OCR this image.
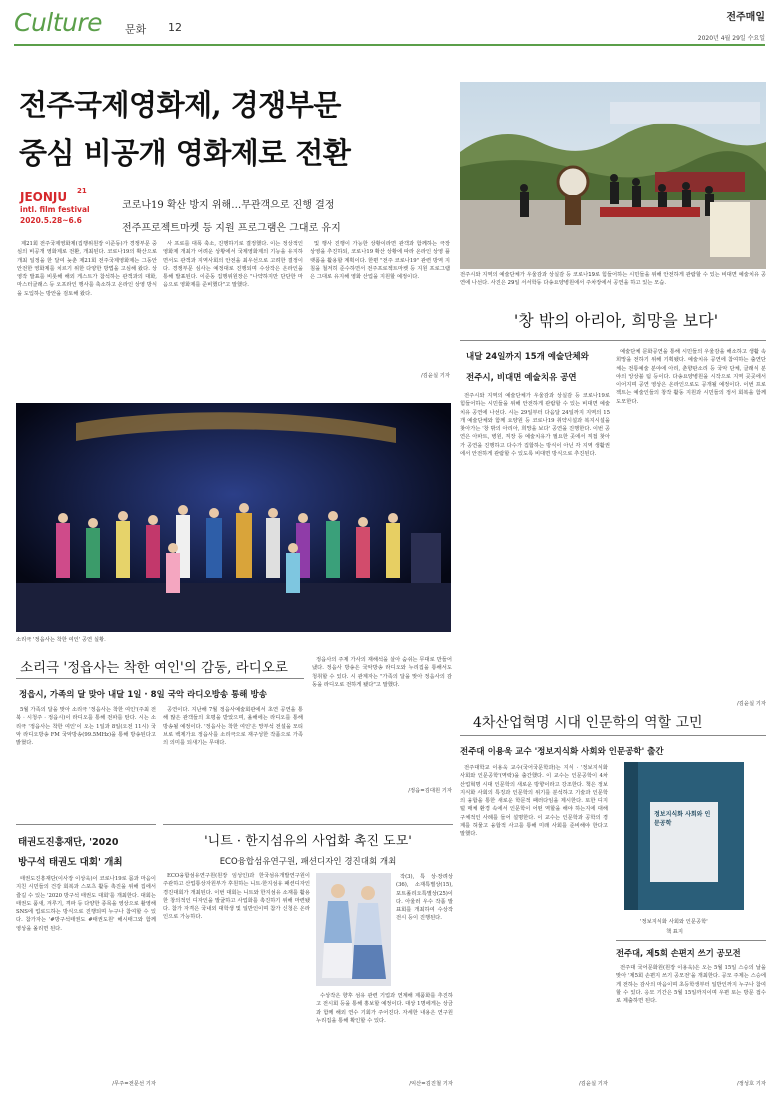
Culture 문화 12
전주매일
2020년 4월 29일 수요일
전주국제영화제, 경쟁부문
중심 비공개 영화제로 전환
JEONJU 21
intl. film festival
2020.5.28~6.6
코로나19 확산 방지 위해…무관객으로 진행 결정
전주프로젝트마켓 등 지원 프로그램은 그대로 유지

제21회 전주국제영화제(집행위원장 이준동)가 경쟁부문 중심의 비공개 영화제로 전환, 개최된다. 코로나19의 확산으로 개최 일정을 한 달여 늦춘 제21회 전주국제영화제는 그동안 안전한 영화제를 치르기 위한 다양한 방법을 고심해 왔다. 상영작 발표를 비롯해 해외 게스트가 참석하는 관객과의 대화, 마스터클래스 등 오프라인 행사를 축소하고 온라인 상영 방식을 도입하는 방안을 검토해 왔다.

사 프로를 대폭 축소, 진행하기로 결정했다. 이는 정상적인 영화제 개최가 어려운 상황에서 국제영화제의 기능을 유지하면서도 관객과 지역사회의 안전을 최우선으로 고려한 결정이다. 경쟁부문 심사는 예정대로 진행되며 수상작은 온라인을 통해 발표된다. 이준동 집행위원장은 "나약하지만 단단한 마음으로 영화제를 준비했다"고 말했다.

및 행사 진행이 가능한 상황이라면 관객과 함께하는 극장 상영을 추진하되, 코로나19 확산 상황에 따라 온라인 상영 플랫폼을 활용할 계획이다. 한편 "전주 코로나19" 관련 방역 지침을 철저히 준수하면서 전주프로젝트마켓 등 지원 프로그램은 그대로 유지해 영화 산업을 지원할 예정이다.

/김윤실 기자
전주시와 지역의 예술단체가 우울감과 상실감 등 코로나19로 힘들어하는 시민들을 위해 안전하게 관람할 수 있는 비대면 예술치유 공연에 나선다. 사진은 29일 서서학동 다송요양병원에서 주차장에서 공연을 하고 있는 모습.
'창 밖의 아리아, 희망을 보다'
내달 24일까지 15개 예술단체와
전주시, 비대면 예술치유 공연

전주시와 지역의 예술단체가 우울감과 상실감 등 코로나19로 힘들어하는 시민들을 위해 안전하게 관람할 수 있는 비대면 예술치유 공연에 나선다. 시는 29일부터 다음달 24일까지 지역의 15개 예술단체와 함께 요양원 등 코로나19 취약시설과 복지시설을 찾아가는 '창 밖의 아리아, 희망을 보다' 공연을 진행한다. 이번 공연은 아파트, 병원, 직장 등 예술치유가 필요한 곳에서 직접 찾아가 공연을 진행하고 다수가 집합하는 방식이 아닌 각 지역 생활권에서 안전하게 관람할 수 있도록 비대면 방식으로 추진된다.

예술단체 문화공연을 통해 시민들의 우울감을 해소하고 생활 속 희망을 전하기 위해 기획됐다. 예술치유 공연에 참여하는 출연단체는 전통예술 분야에 아리, 춘향판소리 등 국악 단체, 클래식 분야의 앙상블 팀 등이다. 다송요양병원을 시작으로 지역 곳곳에서 이어지며 공연 영상은 온라인으로도 공개될 예정이다. 이번 프로젝트는 예술인들의 창작 활동 지원과 시민들의 정서 회복을 함께 도모한다.

/김윤실 기자
소리극 '정읍사는 착한 여인' 공연 실황.
소리극 '정읍사는 착한 여인'의 감동, 라디오로
정읍시, 가족의 달 맞아 내달 1일 · 8일 국악 라디오방송 통해 방송

5월 가족의 달을 맞아 소리극 '정읍사는 착한 여인'(주최 전북 · 시청주 · 정읍시)이 라디오를 통해 전파를 탄다. 시는 소리극 '정읍사는 착한 여인'이 오는 1일과 8일(오전 11시) 국악 라디오방송 FM 국악방송(99.5MHz)을 통해 방송된다고 밝혔다.

공연이다. 지난해 7월 정읍사예술회관에서 초연 공연을 통해 많은 관객들의 호평을 받았으며, 올해에는 라디오를 통해 방송될 예정이다. '정읍사는 착한 여인'은 망부석 전설을 모티브로 백제가요 정읍사를 소리극으로 재구성한 작품으로 가족의 의미를 되새기는 무대다.

정읍사의 주제 가사의 재해석을 살아 숨쉬는 무대로 만들어 냈다. 정읍사 방송은 국악방송 라디오와 누리집을 통해서도 청취할 수 있다. 시 관계자는 "가족의 달을 맞아 정읍사의 감동을 라디오로 전하게 됐다"고 말했다.

/정읍=김대원 기자
태권도진흥재단, '2020
방구석 태권도 대회' 개최

태권도진흥재단(이사장 이상욱)이 코로나19로 몸과 마음이 지친 시민들의 건강 회복과 스포츠 활동 촉진을 위해 집에서 즐길 수 있는 '2020 방구석 태권도 대회'를 개최한다. 대회는 태권도 품새, 겨루기, 격파 등 다양한 종목을 영상으로 촬영해 SNS에 업로드하는 방식으로 진행되며 누구나 참여할 수 있다. 참가자는 '#방구석태권도 #태권도원' 해시태그와 함께 영상을 올리면 된다.

/무주=전문선 기자
'니트 · 한지섬유의 사업화 촉진 도모'
ECO융합섬유연구원, 패션디자인 경진대회 개최

ECO융합섬유연구원(원장 임성인)과 한국섬유개발연구원이 주관하고 산업통상자원부가 후원하는 니트·한지섬유 패션디자인 경진대회가 개최된다. 이번 대회는 니트와 한지섬유 소재를 활용한 창의적인 디자인을 발굴하고 사업화를 촉진하기 위해 마련됐다. 참가 자격은 국내외 대학생 및 일반인이며 참가 신청은 온라인으로 가능하다.

작(3), 특 상·장려상(36), 소재특별상(15), 포트폴리오특별상(25)이다. 아울러 우수 작품 발표회를 개최하여 수상작 전시 등이 진행된다.

수상작은 향후 섬유 관련 기업과 연계해 제품화를 추진하고 전시회 등을 통해 홍보할 예정이다. 대상 1명에게는 상금과 함께 해외 연수 기회가 주어진다. 자세한 내용은 연구원 누리집을 통해 확인할 수 있다.

/익산=김진철 기자
4차산업혁명 시대 인문학의 역할 고민
전주대 이용욱 교수 '정보지식화 사회와 인문공학' 출간

전주대학교 이용욱 교수(국어국문학과)는 지식 · '정보지식화 사회와 인문공학'(역락)을 출간했다. 이 교수는 인문공학이 4차산업혁명 시대 인문학의 새로운 방향이라고 강조한다. 책은 정보지식화 사회의 특징과 인문학의 위기를 분석하고 기술과 인문학의 융합을 통한 새로운 학문적 패러다임을 제시한다. 또한 디지털 매체 환경 속에서 인문학이 어떤 역할을 해야 하는지에 대해 구체적인 사례를 들어 설명한다. 이 교수는 인문학과 공학의 경계를 허물고 융합적 사고를 통해 미래 사회를 준비해야 한다고 말했다.

/김윤실 기자
정보지식화 사회와 인문공학
'정보지식화 사회와 인문공학'
책 표지
전주대, 제5회 손편지 쓰기 공모전

전주대 국어문화원(원장 이용욱)은 오는 5월 15일 스승의 날을 맞아 '제5회 손편지 쓰기 공모전'을 개최한다. 공모 주제는 스승에게 전하는 감사의 마음이며 초등학생부터 일반인까지 누구나 참여할 수 있다. 응모 기간은 5월 15일까지이며 우편 또는 방문 접수로 제출하면 된다.

/정성호 기자
